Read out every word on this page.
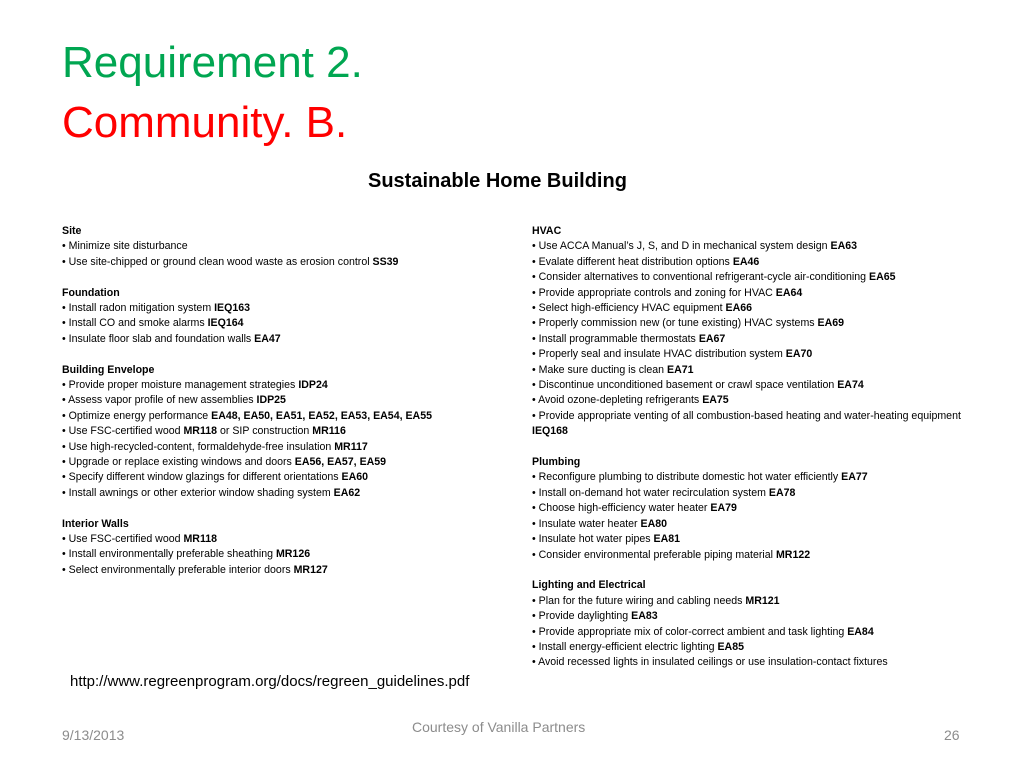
Requirement 2.
Community. B.
Sustainable Home Building
Site
• Minimize site disturbance
• Use site-chipped or ground clean wood waste as erosion control SS39
Foundation
• Install radon mitigation system IEQ163
• Install CO and smoke alarms IEQ164
• Insulate floor slab and foundation walls EA47
Building Envelope
• Provide proper moisture management strategies IDP24
• Assess vapor profile of new assemblies IDP25
• Optimize energy performance EA48, EA50, EA51, EA52, EA53, EA54, EA55
• Use FSC-certified wood MR118 or SIP construction MR116
• Use high-recycled-content, formaldehyde-free insulation MR117
• Upgrade or replace existing windows and doors EA56, EA57, EA59
• Specify different window glazings for different orientations EA60
• Install awnings or other exterior window shading system EA62
Interior Walls
• Use FSC-certified wood MR118
• Install environmentally preferable sheathing MR126
• Select environmentally preferable interior doors MR127
HVAC
• Use ACCA Manual’s J, S, and D in mechanical system design EA63
• Evalate different heat distribution options EA46
• Consider alternatives to conventional refrigerant-cycle air-conditioning EA65
• Provide appropriate controls and zoning for HVAC EA64
• Select high-efficiency HVAC equipment EA66
• Properly commission new (or tune existing) HVAC systems EA69
• Install programmable thermostats EA67
• Properly seal and insulate HVAC distribution system EA70
• Make sure ducting is clean EA71
• Discontinue unconditioned basement or crawl space ventilation EA74
• Avoid ozone-depleting refrigerants EA75
• Provide appropriate venting of all combustion-based heating and water-heating equipment IEQ168
Plumbing
• Reconfigure plumbing to distribute domestic hot water efficiently EA77
• Install on-demand hot water recirculation system EA78
• Choose high-efficiency water heater EA79
• Insulate water heater EA80
• Insulate hot water pipes EA81
• Consider environmental preferable piping material MR122
Lighting and Electrical
• Plan for the future wiring and cabling needs MR121
• Provide daylighting EA83
• Provide appropriate mix of color-correct ambient and task lighting EA84
• Install energy-efficient electric lighting EA85
• Avoid recessed lights in insulated ceilings or use insulation-contact fixtures
http://www.regreenprogram.org/docs/regreen_guidelines.pdf
9/13/2013	Courtesy of Vanilla Partners	26
